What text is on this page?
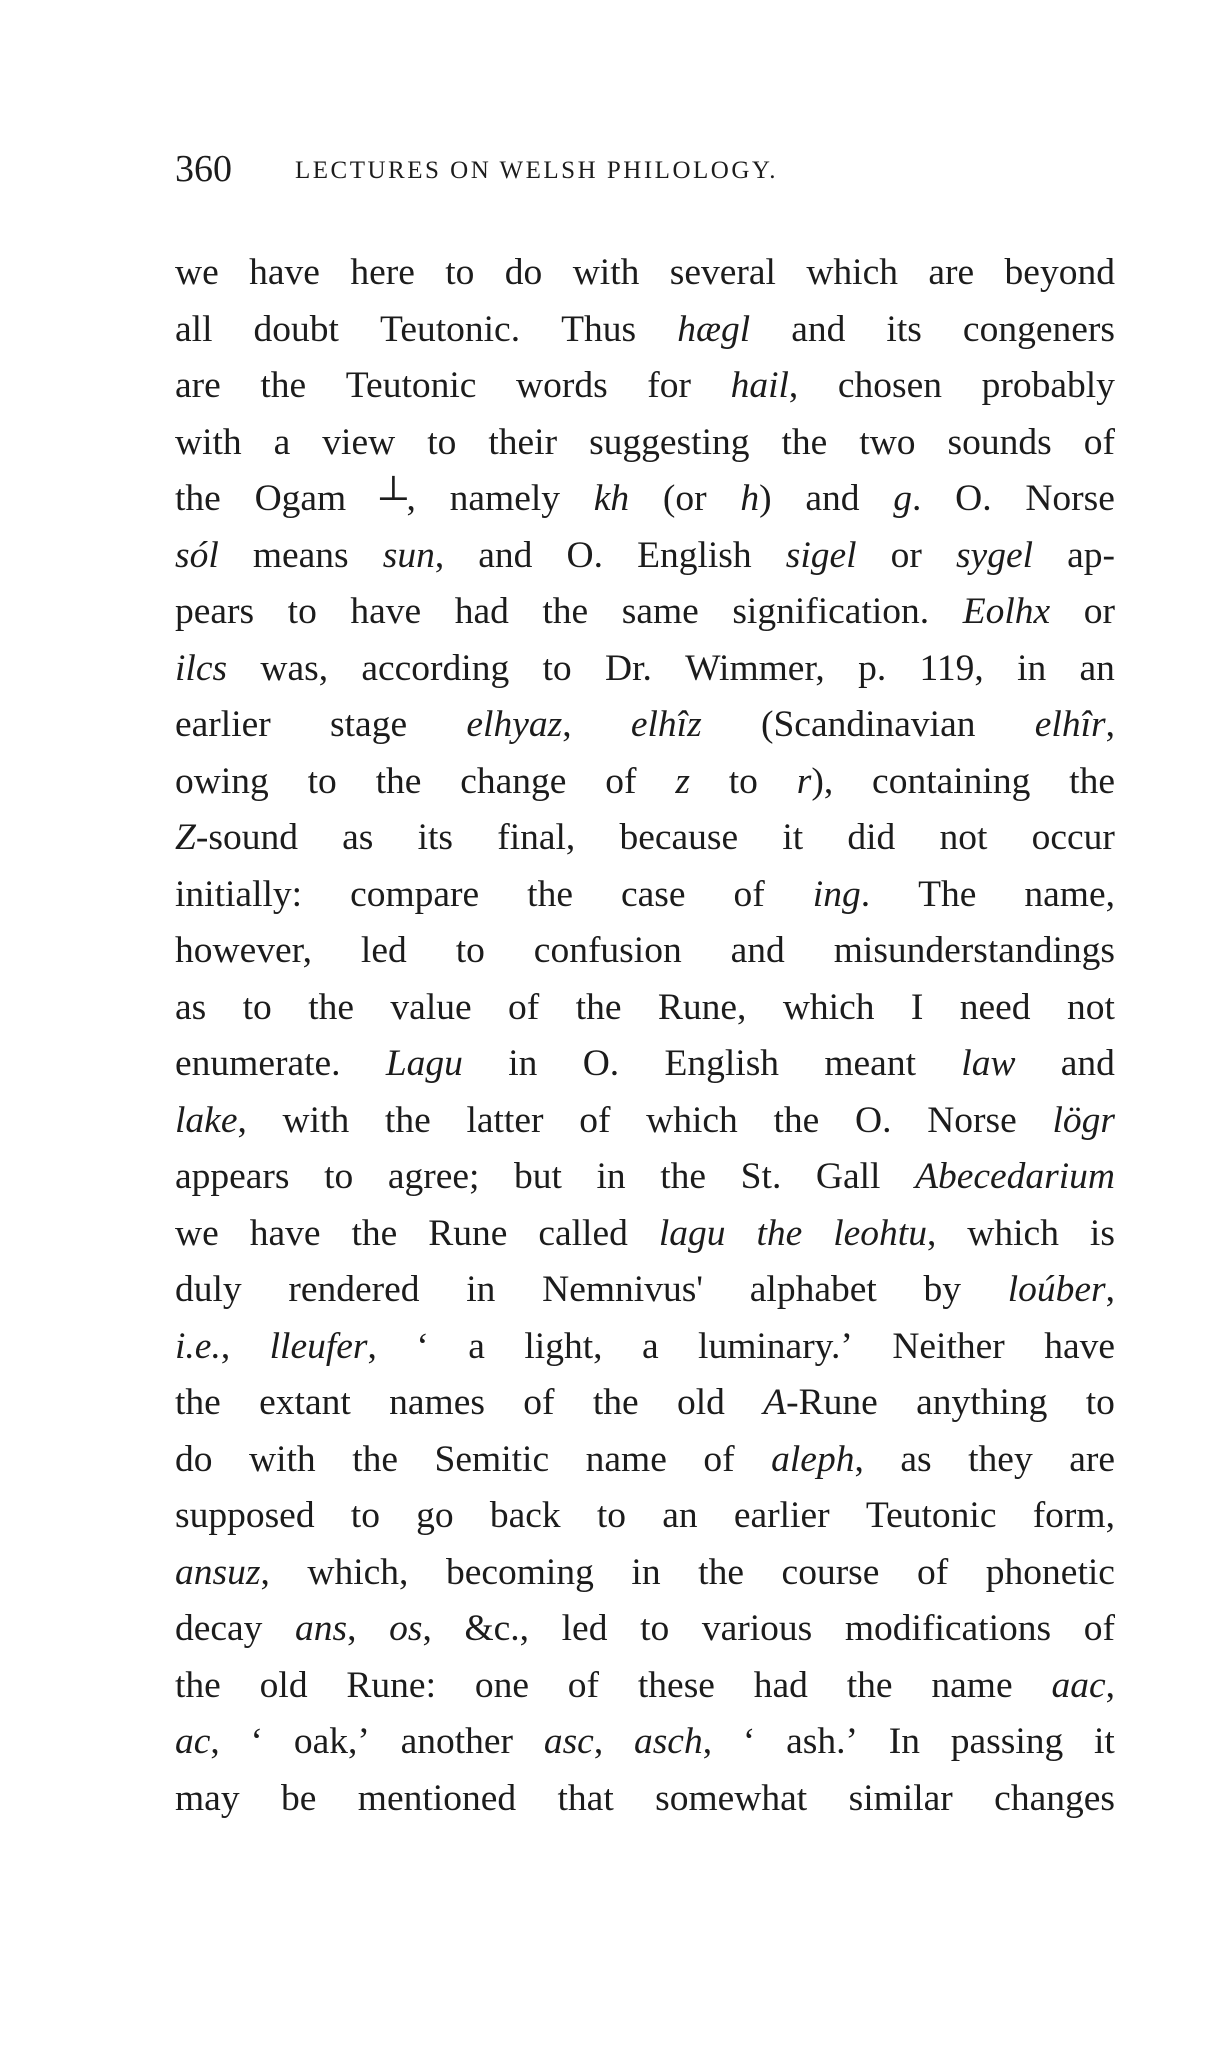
360	LECTURES ON WELSH PHILOLOGY.
we have here to do with several which are beyond
all doubt Teutonic. Thus hægl and its congeners
are the Teutonic words for hail, chosen probably
with a view to their suggesting the two sounds of
the Ogam ┴, namely kh (or h) and g. O. Norse
sól means sun, and O. English sigel or sygel ap-
pears to have had the same signification. Eolhx or
ilcs was, according to Dr. Wimmer, p. 119, in an
earlier stage elhyaz, elhîz (Scandinavian elhîr,
owing to the change of z to r), containing the
Z-sound as its final, because it did not occur
initially: compare the case of ing. The name,
however, led to confusion and misunderstandings
as to the value of the Rune, which I need not
enumerate. Lagu in O. English meant law and
lake, with the latter of which the O. Norse lögr
appears to agree; but in the St. Gall Abecedarium
we have the Rune called lagu the leohtu, which is
duly rendered in Nemnivus' alphabet by loúber,
i.e., lleufer, ‘ a light, a luminary.’ Neither have
the extant names of the old A-Rune anything to
do with the Semitic name of aleph, as they are
supposed to go back to an earlier Teutonic form,
ansuz, which, becoming in the course of phonetic
decay ans, os, &c., led to various modifications of
the old Rune: one of these had the name aac,
ac, ‘ oak,’ another asc, asch, ‘ ash.’ In passing it
may be mentioned that somewhat similar changes
